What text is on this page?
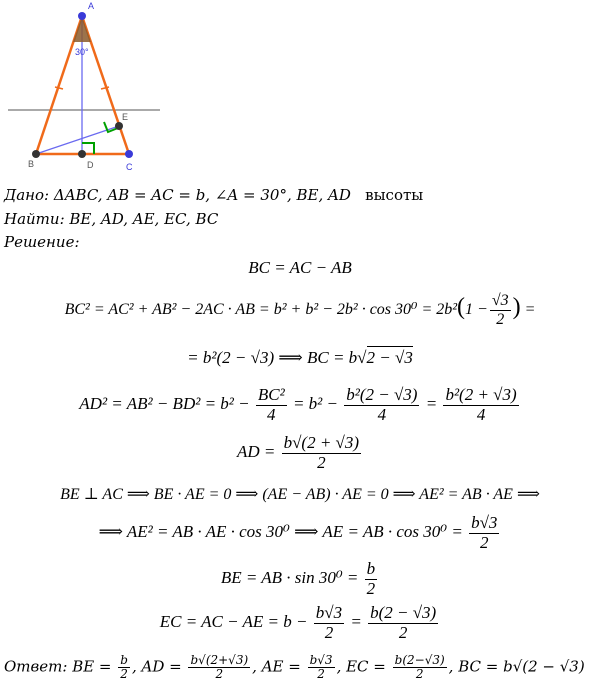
A
30°
E
B	D	C
Дано: ΔABC, AB = AC = b, ∠A = 30°, BE, AD высоты
Найти: BE, AD, AE, EC, BC
Решение:
BC = AC − AB
BC² = AC² + AB² − 2AC · AB = $b^2 + b^2 - 2b^2 \cdot \cos 30^0 = 2b^2(1 - \frac{√3}{2}$ ) =
= b²(2 − √3) ⟹ BC = b√2 − √3
$AD^2 = AB^2 - BD^2 = b^2 - \frac{\text{BC²}}{4} = b^2 - \frac{\text{b²(2 − √3)}}{4} = \frac{\text{b²(2 + √3)}}{4}$
AD = $\frac{b√(2 + √3)}{2}$
BE ⊥ AC ⟹ BE · AE = 0 ⟹ (AE − AB) · AE = 0 ⟹ AE² = AB · AE ⟹
⟹ AE² = AB · AE · cos 30⁰ ⟹ AE = AB · $\cos 30^0 = \frac{b√3}{2}$
BE = AB · $\sin 30^0 = \frac{b}{2}$
EC = AC − AE = $b - \frac{b√3}{2} = \frac{b(2 - √3)}{2}$
Ответ: BE = $\frac{b}{2}$ , AD = $\frac{b√(2+√3)}{2}$ , AE = $\frac{b√3}{2}$ , EC = $\frac{b(2-√3)}{2}$ , BC = b√(2 − √3)
